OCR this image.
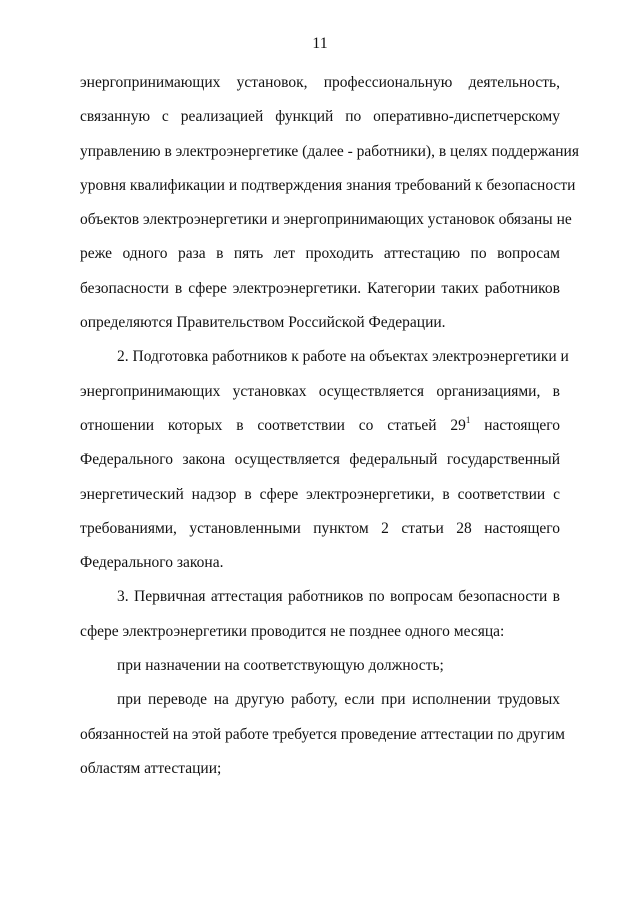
11
энергопринимающих установок, профессиональную деятельность,
связанную с реализацией функций по оперативно-диспетчерскому
управлению в электроэнергетике (далее - работники), в целях поддержания
уровня квалификации и подтверждения знания требований к безопасности
объектов электроэнергетики и энергопринимающих установок обязаны не
реже одного раза в пять лет проходить аттестацию по вопросам
безопасности в сфере электроэнергетики. Категории таких работников
определяются Правительством Российской Федерации.
2. Подготовка работников к работе на объектах электроэнергетики и
энергопринимающих установках осуществляется организациями, в
отношении которых в соответствии со статьей $29^1$ настоящего
Федерального закона осуществляется федеральный государственный
энергетический надзор в сфере электроэнергетики, в соответствии с
требованиями, установленными пунктом 2 статьи 28 настоящего
Федерального закона.
3. Первичная аттестация работников по вопросам безопасности в
сфере электроэнергетики проводится не позднее одного месяца:
при назначении на соответствующую должность;
при переводе на другую работу, если при исполнении трудовых
обязанностей на этой работе требуется проведение аттестации по другим
областям аттестации;
